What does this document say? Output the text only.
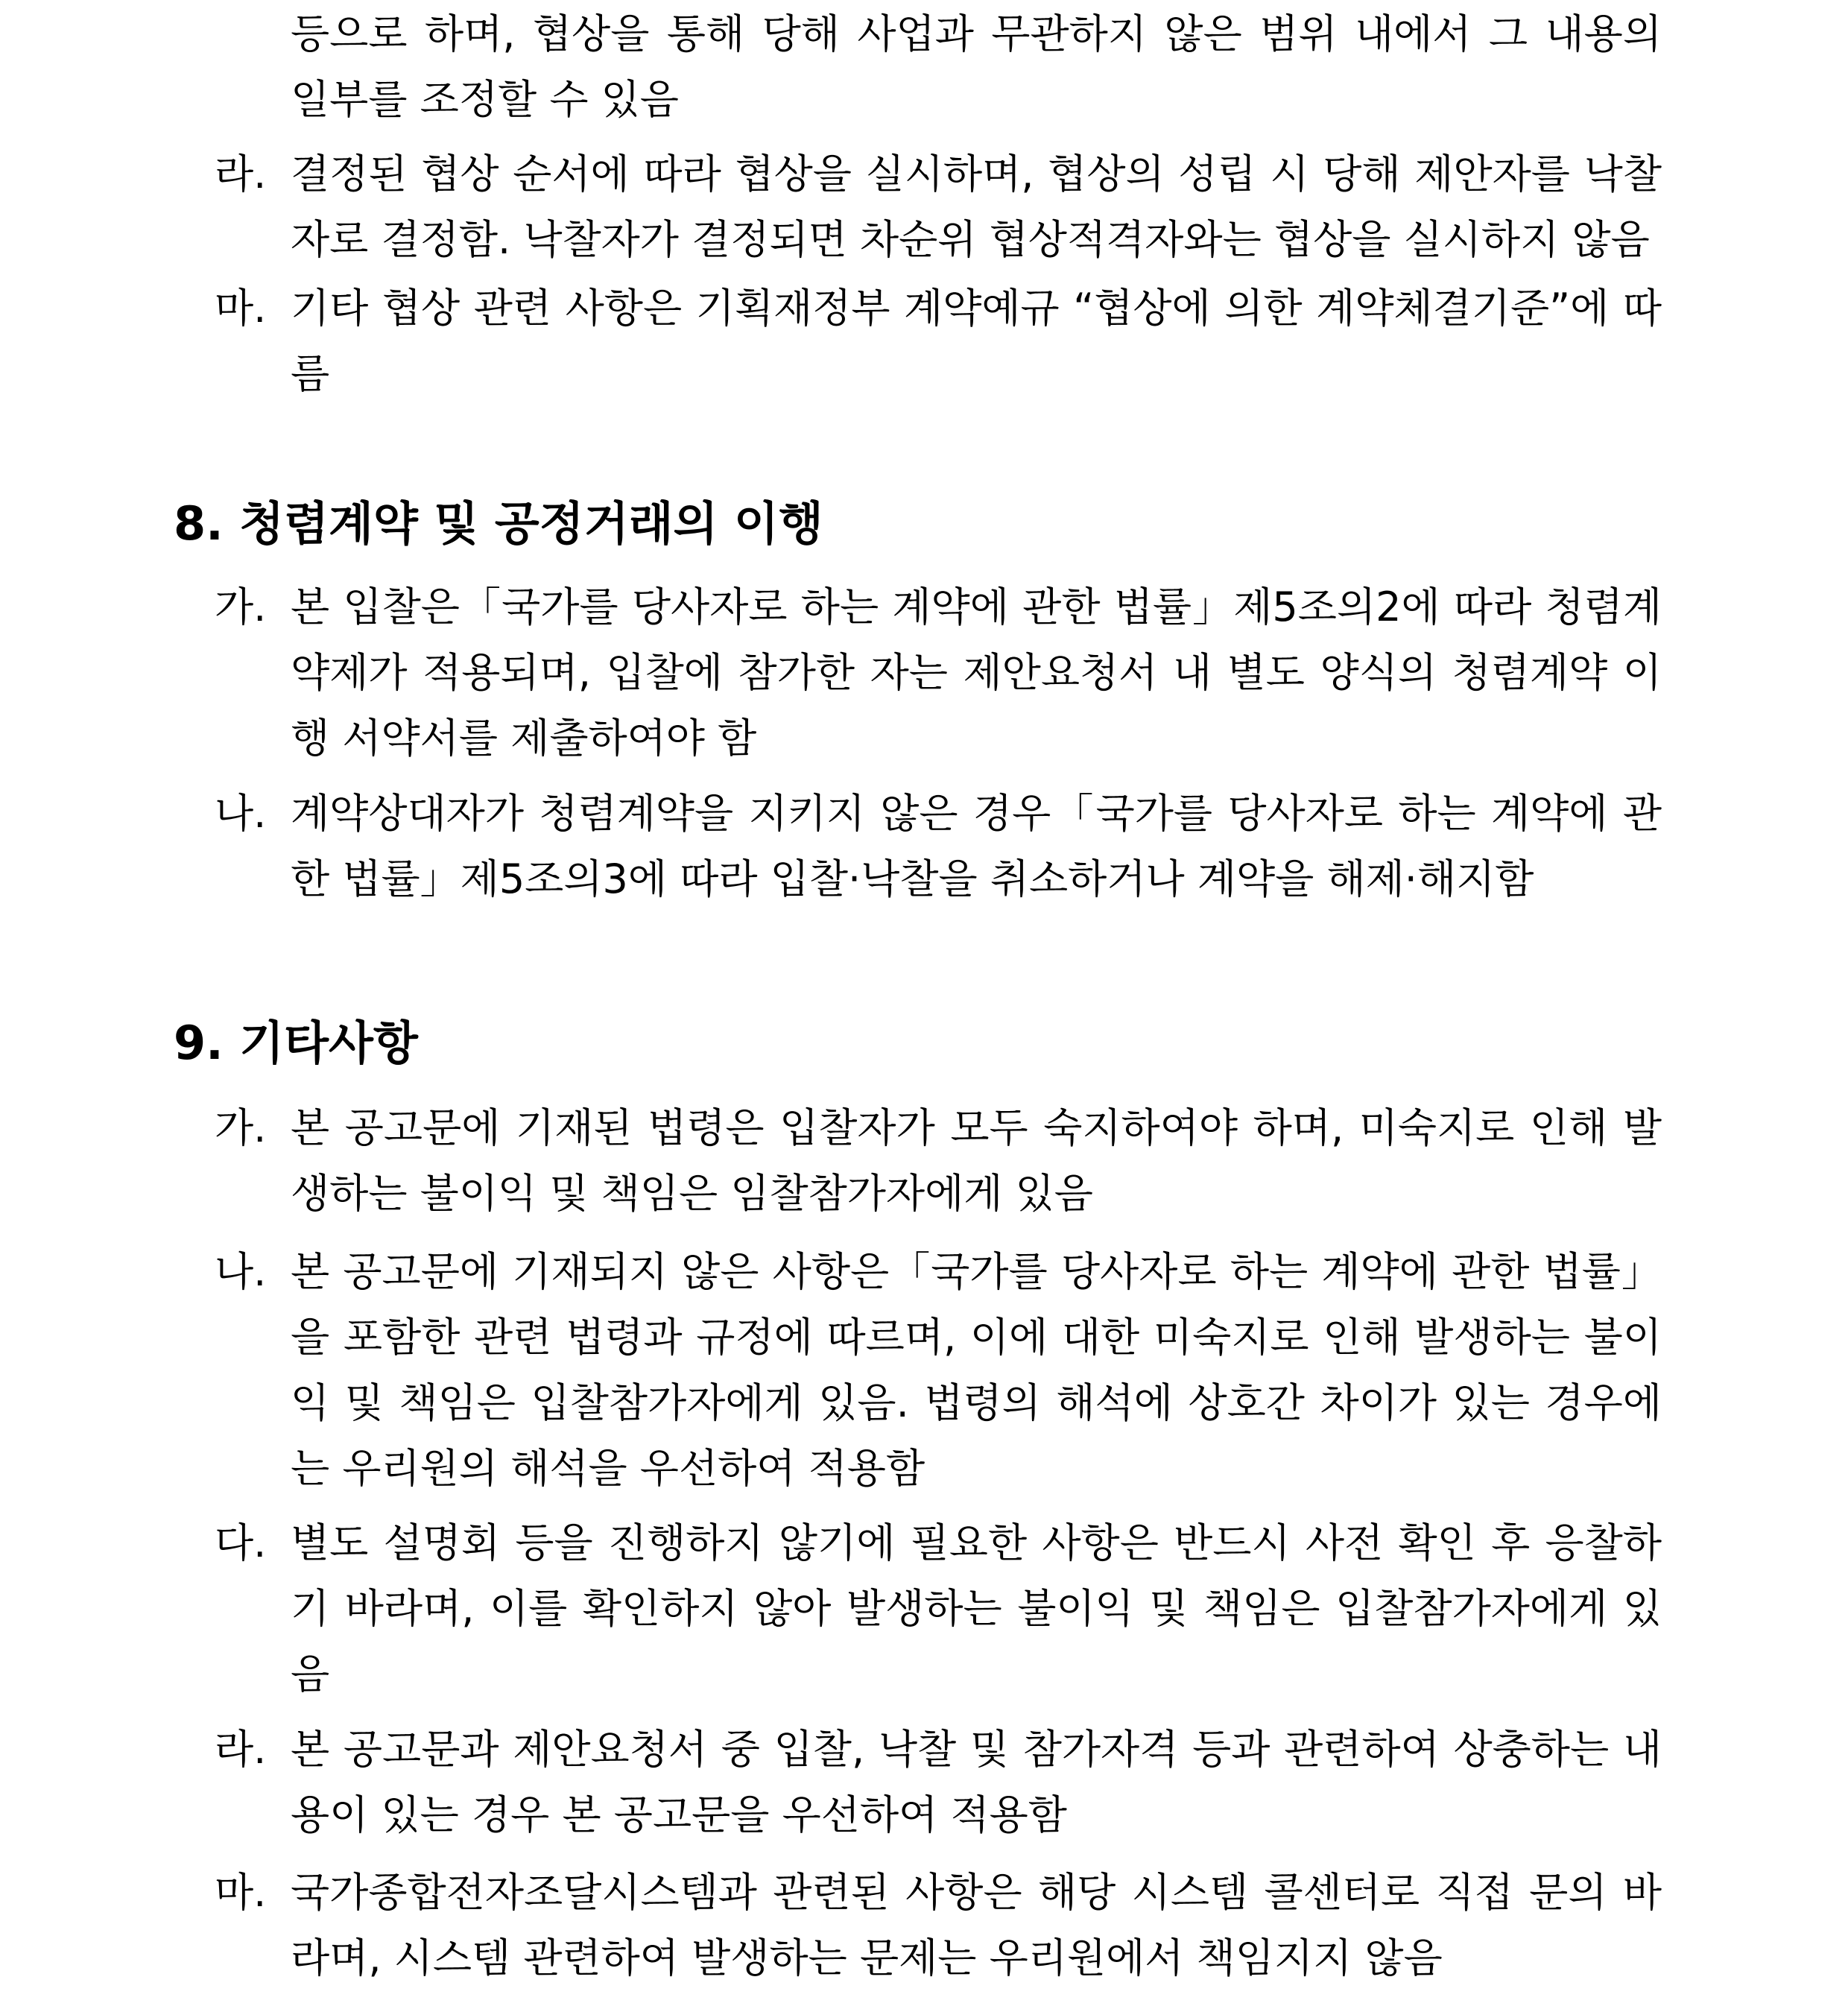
등으로 하며, 협상을 통해 당해 사업과 무관하지 않은 범위 내에서 그 내용의 일부를 조정할 수 있음
라. 결정된 협상 순서에 따라 협상을 실시하며, 협상의 성립 시 당해 제안자를 낙찰자로 결정함. 낙찰자가 결정되면 차순위 협상적격자와는 협상을 실시하지 않음
마. 기타 협상 관련 사항은 기획재정부 계약예규 “협상에 의한 계약체결기준”에 따름
8. 청렴계약 및 공정거래의 이행
가. 본 입찰은「국가를 당사자로 하는 계약에 관한 법률」제5조의2에 따라 청렴계약제가 적용되며, 입찰에 참가한 자는 제안요청서 내 별도 양식의 청렴계약 이행 서약서를 제출하여야 함
나. 계약상대자가 청렴계약을 지키지 않은 경우「국가를 당사자로 하는 계약에 관한 법률」제5조의3에 따라 입찰·낙찰을 취소하거나 계약을 해제·해지함
9. 기타사항
가. 본 공고문에 기재된 법령은 입찰자가 모두 숙지하여야 하며, 미숙지로 인해 발생하는 불이익 및 책임은 임찰참가자에게 있음
나. 본 공고문에 기재되지 않은 사항은「국가를 당사자로 하는 계약에 관한 법률」을 포함한 관련 법령과 규정에 따르며, 이에 대한 미숙지로 인해 발생하는 불이익 및 책임은 입찰참가자에게 있음. 법령의 해석에 상호간 차이가 있는 경우에는 우리원의 해석을 우선하여 적용함
다. 별도 설명회 등을 진행하지 않기에 필요한 사항은 반드시 사전 확인 후 응찰하기 바라며, 이를 확인하지 않아 발생하는 불이익 및 책임은 입찰참가자에게 있음
라. 본 공고문과 제안요청서 중 입찰, 낙찰 및 참가자격 등과 관련하여 상충하는 내용이 있는 경우 본 공고문을 우선하여 적용함
마. 국가종합전자조달시스템과 관련된 사항은 해당 시스템 콜센터로 직접 문의 바라며, 시스템 관련하여 발생하는 문제는 우리원에서 책임지지 않음
